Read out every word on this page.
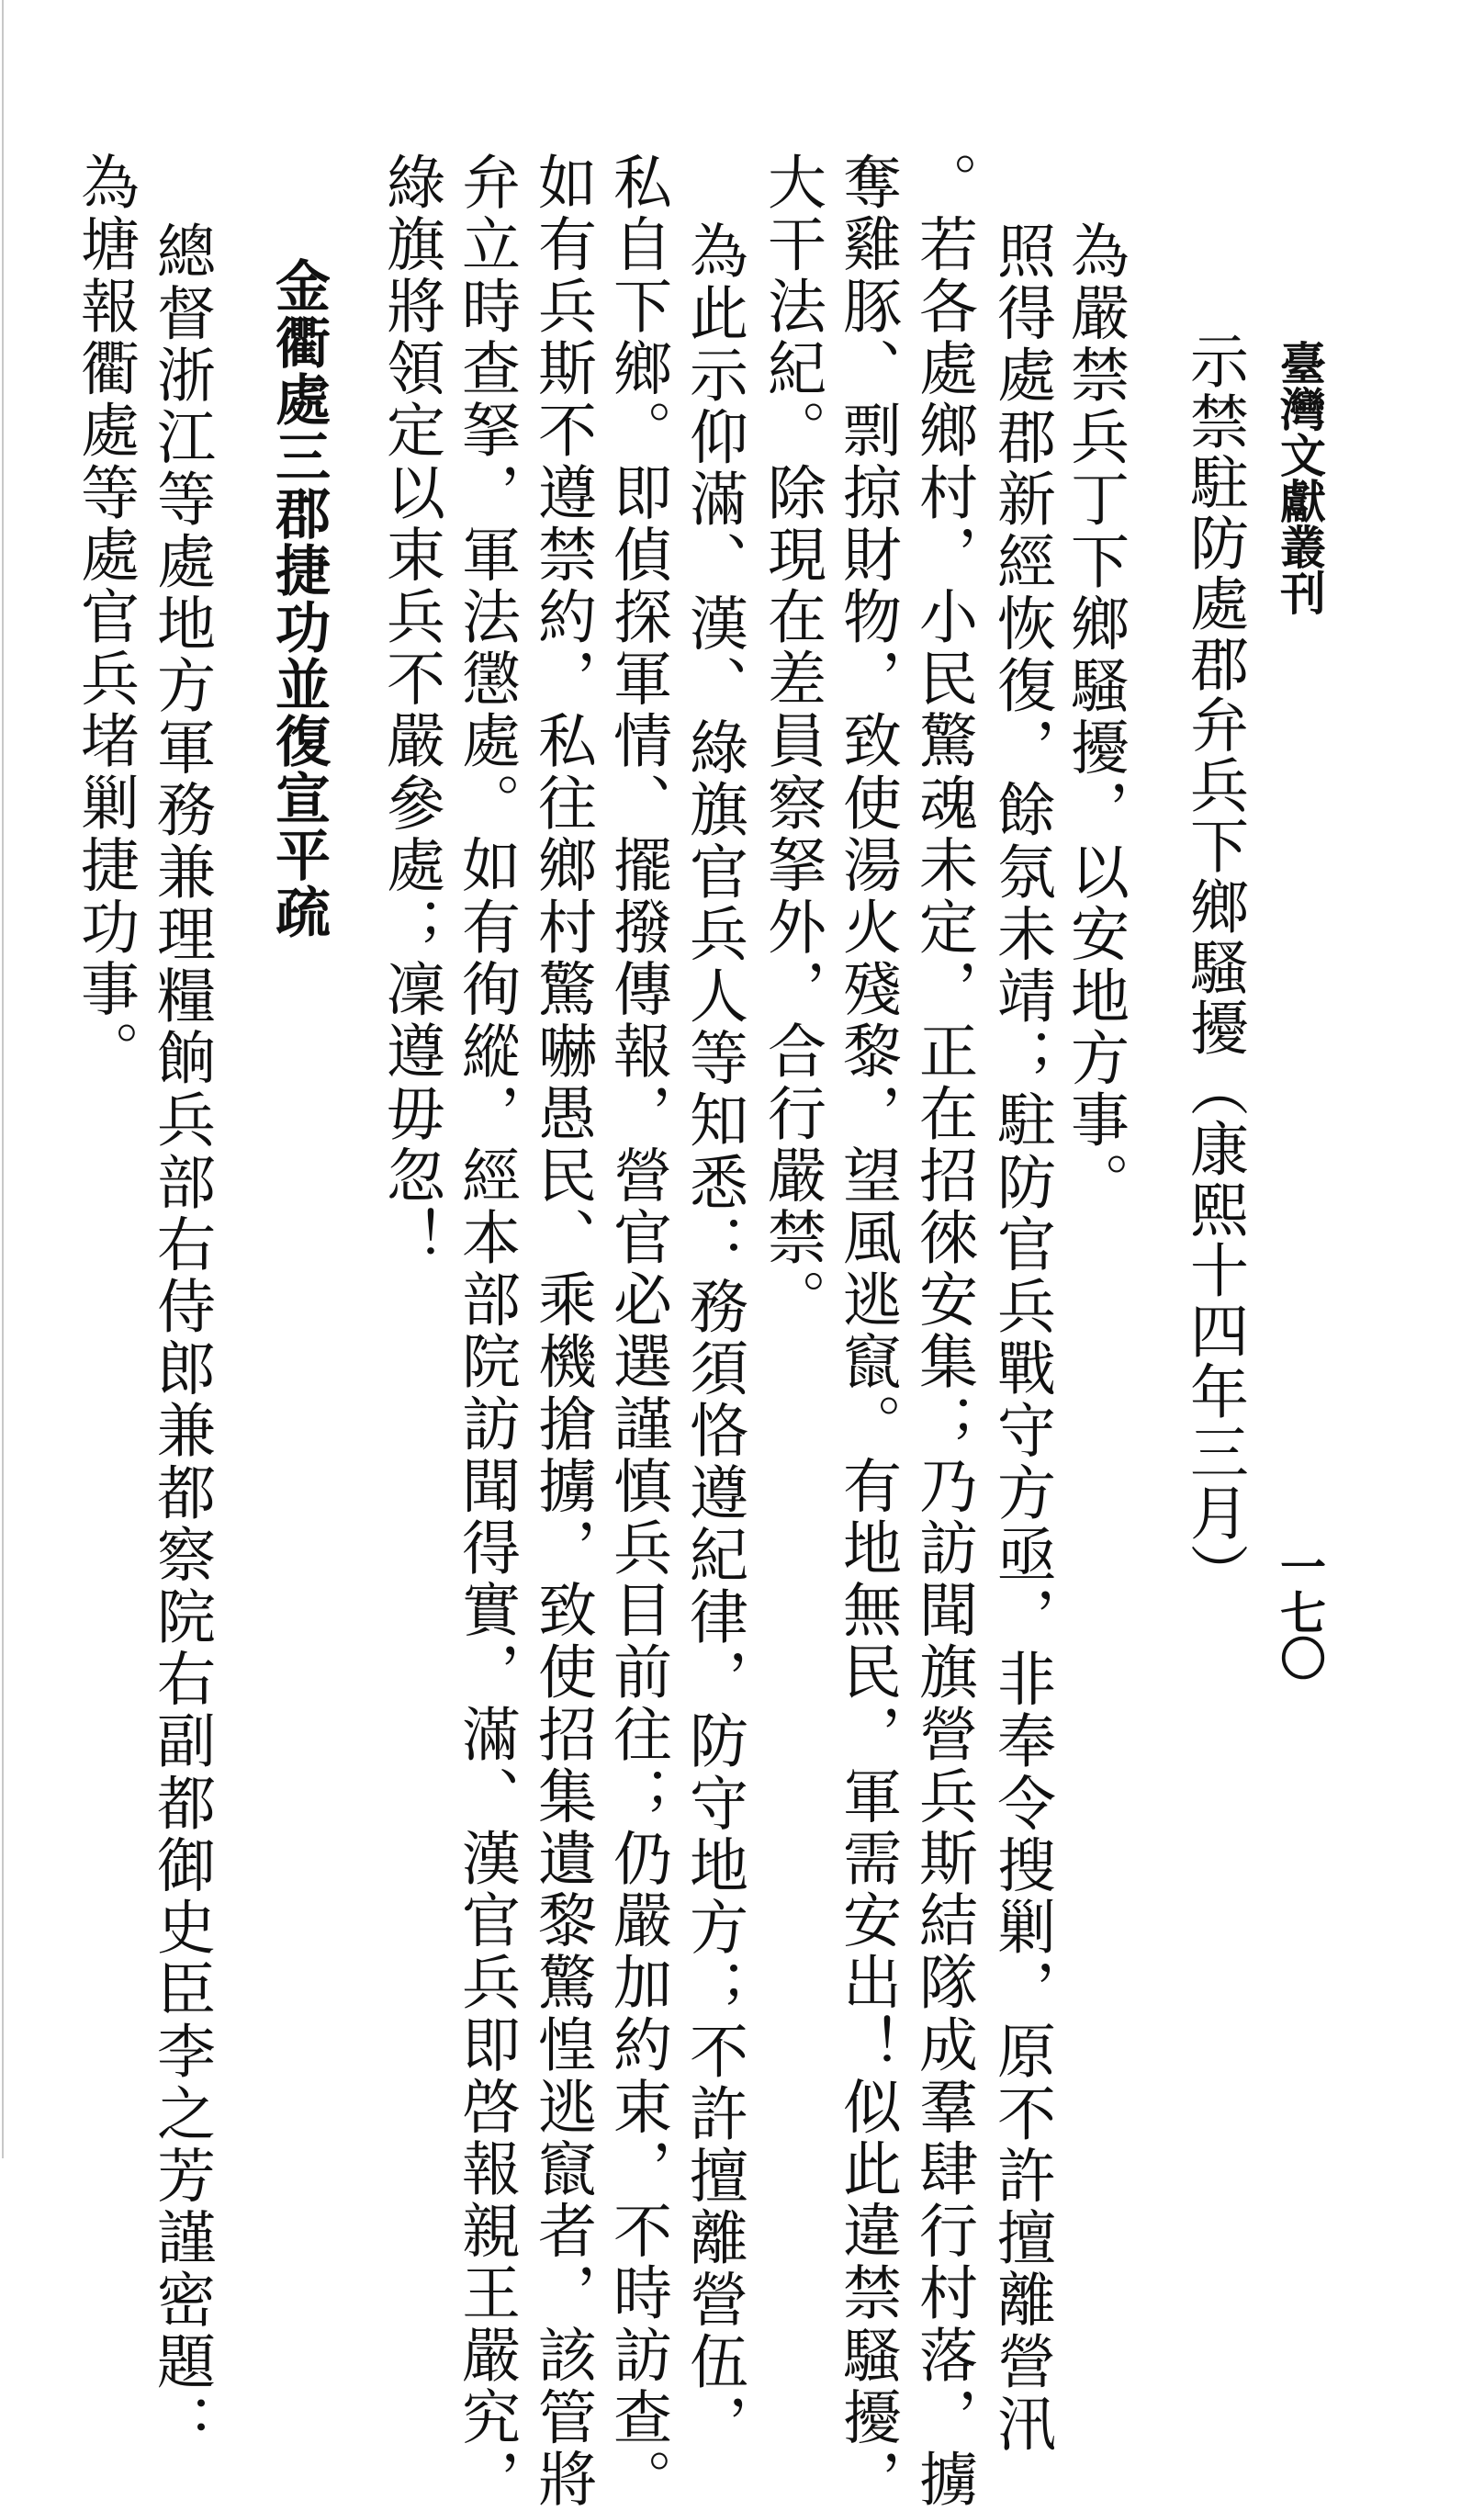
臺灣文獻叢刊
一七〇
示禁駐防處郡弁兵下鄉騷擾（康熙十四年三月）
為嚴禁兵丁下鄉騷擾，以安地方事。
照得處郡新經恢復，餘氛未靖；駐防官兵戰守方亟，非奉令搜剿，原不許擅離營汛
。若各處鄉村，小民驚魂未定，正在招徠安集；乃訪聞旗營兵斯結隊成羣肆行村落，擄
奪雞豚、剽掠財物，致使湯火殘黎，望風逃竄。有地無民，軍需安出！似此違禁騷擾，
大干法紀。除現在差員察拏外，合行嚴禁。
為此示仰滿、漢、綠旗官兵人等知悉：務須恪遵紀律，防守地方；不許擅離營伍，
私自下鄉。即偵探軍情、擺撥傳報，營官必選謹慎兵目前往；仍嚴加約束，不時訪查。
如有兵斯不遵禁約，私往鄉村驚嚇愚民、乘機搶擄，致使招集遺黎驚惶逃竄者，該管將
弁立時查拏，軍法懲處。如有徇縱，經本部院訪聞得實，滿、漢官兵即啓報親王嚴究，
綠旗將領定以束兵不嚴參處；凜遵毋忽！
金衢處三郡捷功並復宣平疏
總督浙江等處地方軍務兼理糧餉兵部右侍郎兼都察院右副都御史臣李之芳謹密題：
為塘報衢處等處官兵堵剿捷功事。
